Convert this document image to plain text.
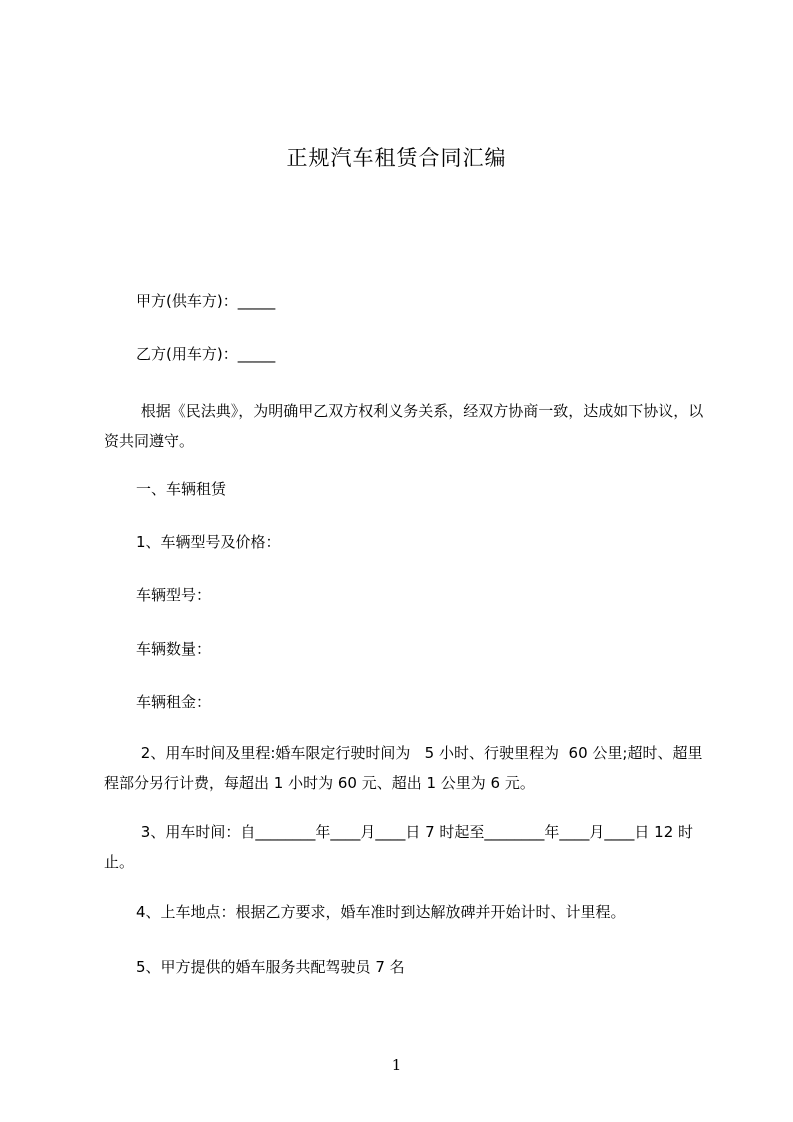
正规汽车租赁合同汇编
甲方(供车方)：_____
乙方(用车方)：_____
根据《民法典》，为明确甲乙双方权利义务关系，经双方协商一致，达成如下协议，以资共同遵守。
一、车辆租赁
1、车辆型号及价格：
车辆型号：
车辆数量：
车辆租金：
2、用车时间及里程:婚车限定行驶时间为   5 小时、行驶里程为  60 公里;超时、超里程部分另行计费，每超出 1 小时为 60 元、超出 1 公里为 6 元。
3、用车时间：自________年____月____日 7 时起至________年____月____日 12 时止。
4、上车地点：根据乙方要求，婚车准时到达解放碑并开始计时、计里程。
5、甲方提供的婚车服务共配驾驶员 7 名
1
